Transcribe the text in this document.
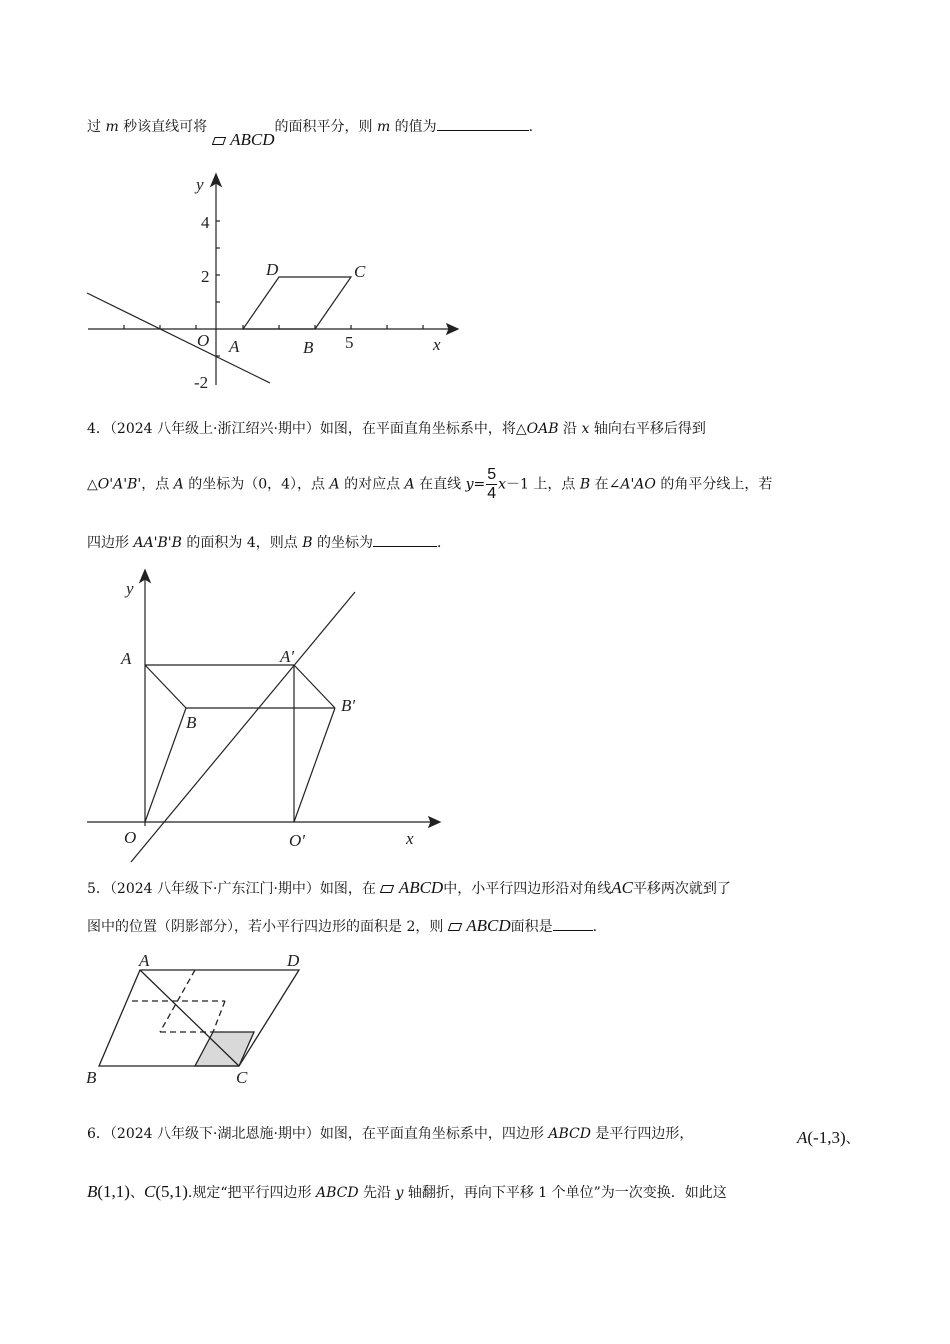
过 m 秒该直线可将  ABCD的面积平分，则 m 的值为	.
y
x
D	C
O A	B
4
2
-2
5
4．（2024 八年级上·浙江绍兴·期中）如图，在平面直角坐标系中，将△OAB 沿 x 轴向右平移后得到
△O'A'B'，点 A 的坐标为（0，4），点 A 的对应点 A 在直线 $y= \frac{5}{4} x-1$ 上，点 B 在∠A'AO 的角平分线上，若
四边形 AA'B'B 的面积为 4，则点 B 的坐标为	.
y
x
A	A′
B′
B
O	O′
5．（2024 八年级下·广东江门·期中）如图，在 ABCD中，小平行四边形沿对角线AC平移两次就到了
图中的位置（阴影部分），若小平行四边形的面积是 2，则 ABCD面积是	.
A	D
B	C
6．（2024 八年级下·湖北恩施·期中）如图，在平面直角坐标系中，四边形 ABCD 是平行四边形，	A(-1,3)、
B(1,1)、C(5,1).规定“把平行四边形 ABCD 先沿 y 轴翻折，再向下平移 1 个单位”为一次变换．如此这
